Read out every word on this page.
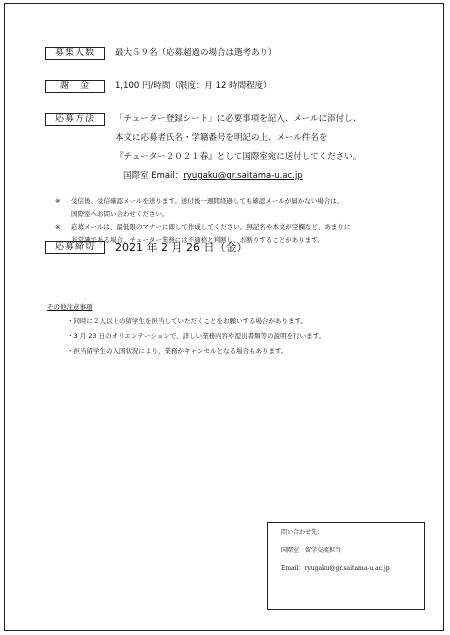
募集人数	最大５９名（応募超過の場合は選考あり）
謝　金	1,100 円/時間（限度：月 12 時間程度）
応募方法	「チューター登録シート」に必要事項を記入、メールに添付し、
本文に応募者氏名・学籍番号を明記の上、メール件名を
『チューター２０２１春』として国際室宛に送付してください。
国際室 Email：ryugaku@gr.saitama-u.ac.jp
※ 受信後、受信確認メールを送ります。送付後一週間経過しても確認メールが届かない場合は、
国際室へお問い合わせください。
※ 応募メールは、最低限のマナーに即して作成してください。無記名や本文が空欄など、あまりに
非常識である場合、チューター業務には不適格と判断し、お断りすることがあります。
応募締切	2021 年 2 月 26 日（金）
その他注意事項
・同時に２人以上の留学生を担当していただくことをお願いする場合があります。
・3 月 23 日のオリエンテーションで、詳しい業務内容や提出書類等の説明を行います。
・担当留学生の入国状況により、業務がキャンセルとなる場合もあります。
問い合わせ先：
国際室　留学交流担当
Email：ryugaku@gr.saitama-u.ac.jp
